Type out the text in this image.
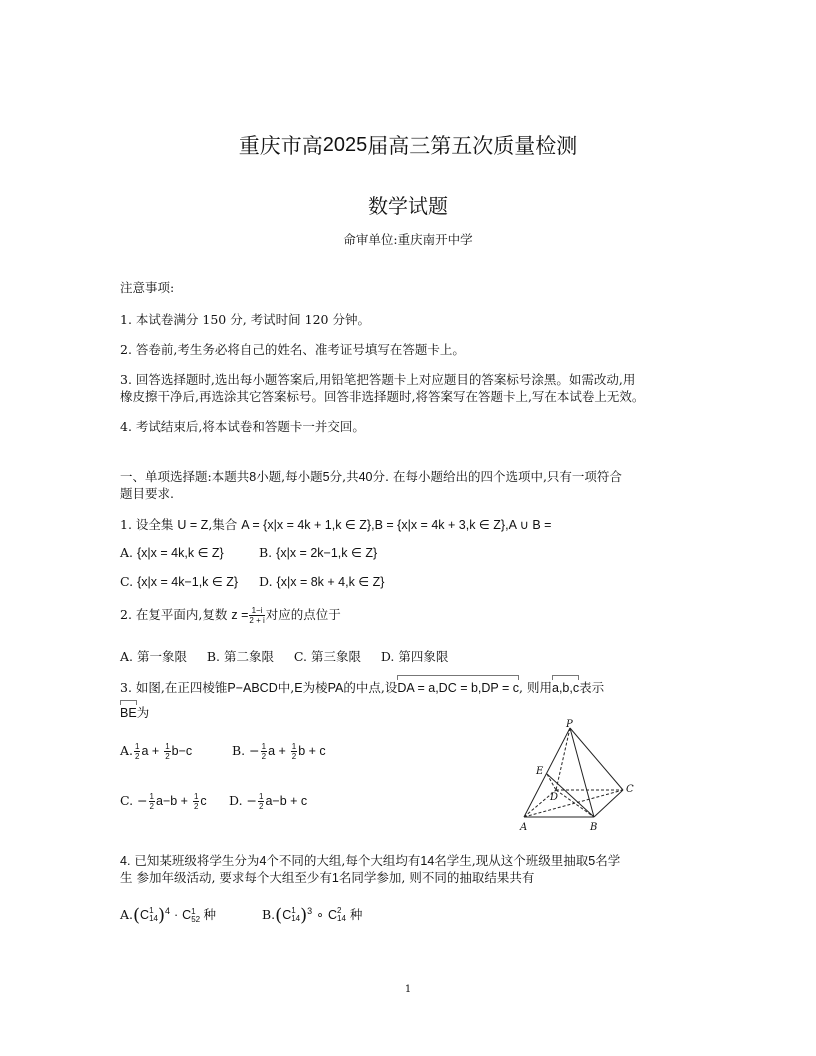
重庆市高2025届高三第五次质量检测
数学试题
命审单位:重庆南开中学
注意事项:
1. 本试卷满分 150 分, 考试时间 120 分钟。
2. 答卷前,考生务必将自己的姓名、准考证号填写在答题卡上。
3. 回答选择题时,选出每小题答案后,用铅笔把答题卡上对应题目的答案标号涂黑。如需改动,用
橡皮擦干净后,再选涂其它答案标号。回答非选择题时,将答案写在答题卡上,写在本试卷上无效。
4. 考试结束后,将本试卷和答题卡一并交回。
一、单项选择题:本题共8小题,每小题5分,共40分. 在每小题给出的四个选项中,只有一项符合
题目要求.
1. 设全集 U = Z,集合 A = {x|x = 4k + 1,k ∈ Z},B = {x|x = 4k + 3,k ∈ Z},A ∪ B =
A. {x|x = 4k,k ∈ Z}	B. {x|x = 2k−1,k ∈ Z}
C. {x|x = 4k−1,k ∈ Z} D. {x|x = 8k + 4,k ∈ Z}
2. 在复平面内,复数 $z = \frac{1-i}{2 + i}$ 对应的点位于
A. 第一象限 B. 第二象限 C. 第三象限 D. 第四象限
3. 如图,在正四棱锥P−ABCD中,E为棱PA的中点,设DA = a,DC = b,DP = c, 则用a,b,c表示
BE为
A. $\frac{1}{2}$ $a + \frac{1}{2} b-c$	B. − $\frac{1}{2}$ $a + \frac{1}{2}$ b + c
C. − $\frac{1}{2} a-b + \frac{1}{2}$ c D. − $\frac{1}{2} a-b + c$
P
E
D
C
A	B
4. 已知某班级将学生分为4个不同的大组,每个大组均有14名学生,现从这个班级里抽取5名学
生 参加年级活动, 要求每个大组至少有1名同学参加, 则不同的抽取结果共有
A.(C 1
14 )$^4 \cdot C_{52}^1$ 种	B.(C 1
14 )$^3$ ∘ C 2
14 种
1
